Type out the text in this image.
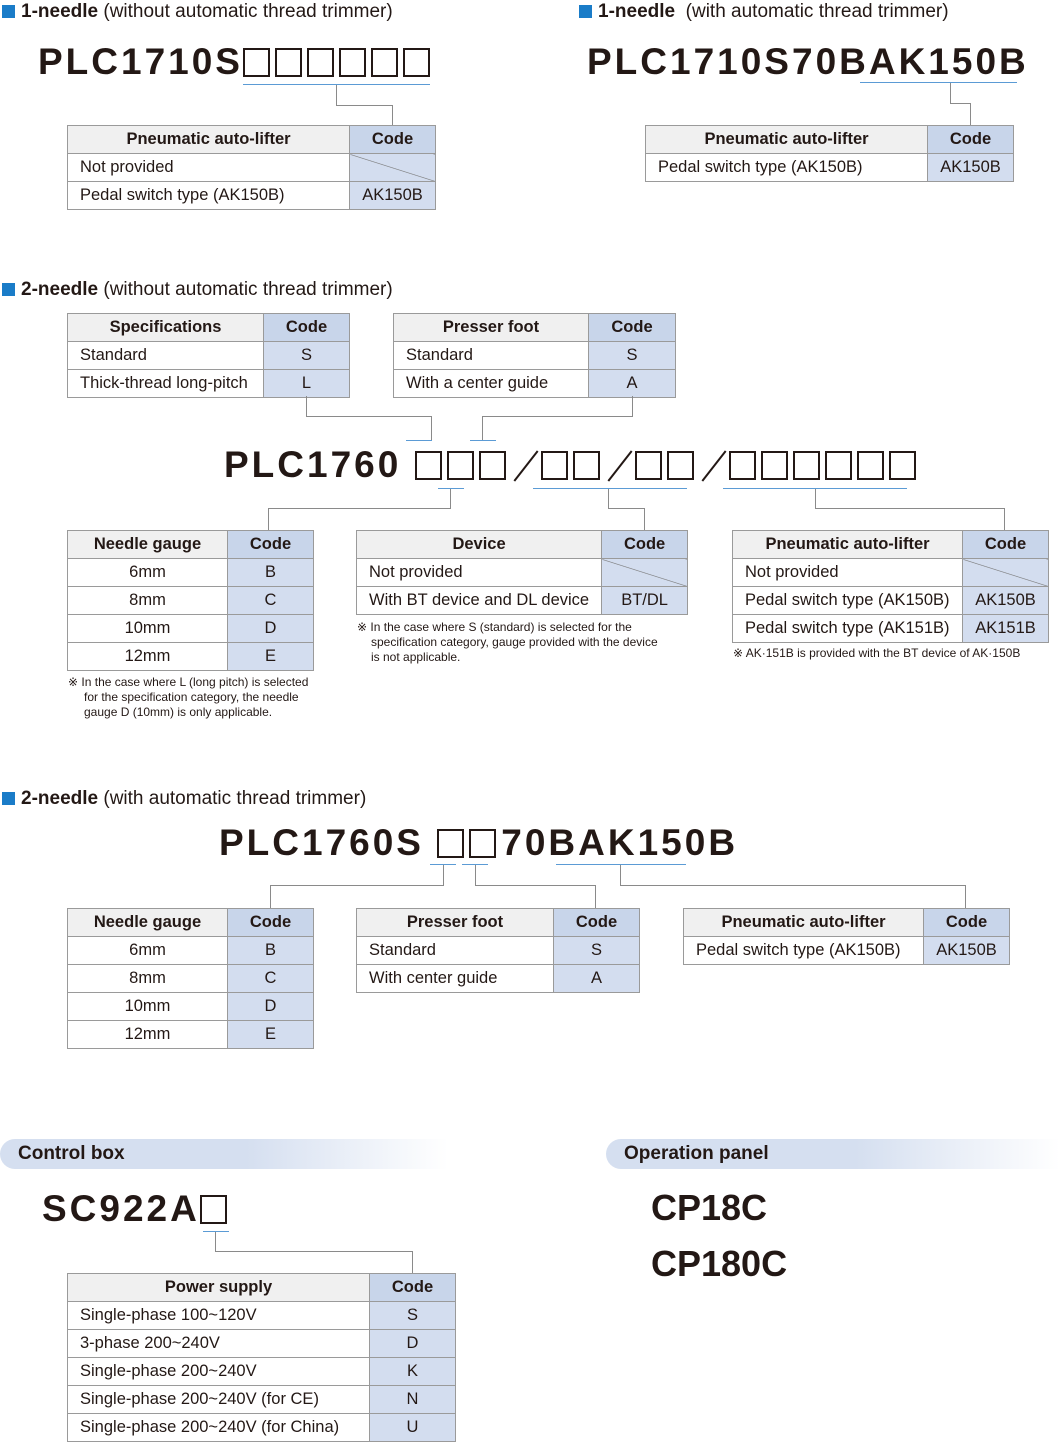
1-needle (without automatic thread trimmer)
PLC1710S
Pneumatic auto-lifter	Code
Not provided	
Pedal switch type (AK150B)	AK150B
1-needle (with automatic thread trimmer)
PLC1710S70BAK150B
Pneumatic auto-lifter	Code
Pedal switch type (AK150B)	AK150B
2-needle (without automatic thread trimmer)
Specifications	Code
Standard	S
Thick-thread long-pitch	L
Presser foot	Code
Standard	S
With a center guide	A
PLC1760
Needle gauge	Code
6mm	B
8mm	C
10mm	D
12mm	E
※ In the case where L (long pitch) is selected
for the specification category, the needle
gauge D (10mm) is only applicable.
Device	Code
Not provided	
With BT device and DL device	BT/DL
※ In the case where S (standard) is selected for the
specification category, gauge provided with the device
is not applicable.
Pneumatic auto-lifter	Code
Not provided	
Pedal switch type (AK150B)	AK150B
Pedal switch type (AK151B)	AK151B
※ AK·151B is provided with the BT device of AK·150B
2-needle (with automatic thread trimmer)
PLC1760S 70BAK150B
Needle gauge	Code
6mm	B
8mm	C
10mm	D
12mm	E
Presser foot	Code
Standard	S
With center guide	A
Pneumatic auto-lifter	Code
Pedal switch type (AK150B)	AK150B
Control box
SC922A
Power supply	Code
Single-phase 100~120V	S
3-phase 200~240V	D
Single-phase 200~240V	K
Single-phase 200~240V (for CE)	N
Single-phase 200~240V (for China)	U
Operation panel
CP18C
CP180C
